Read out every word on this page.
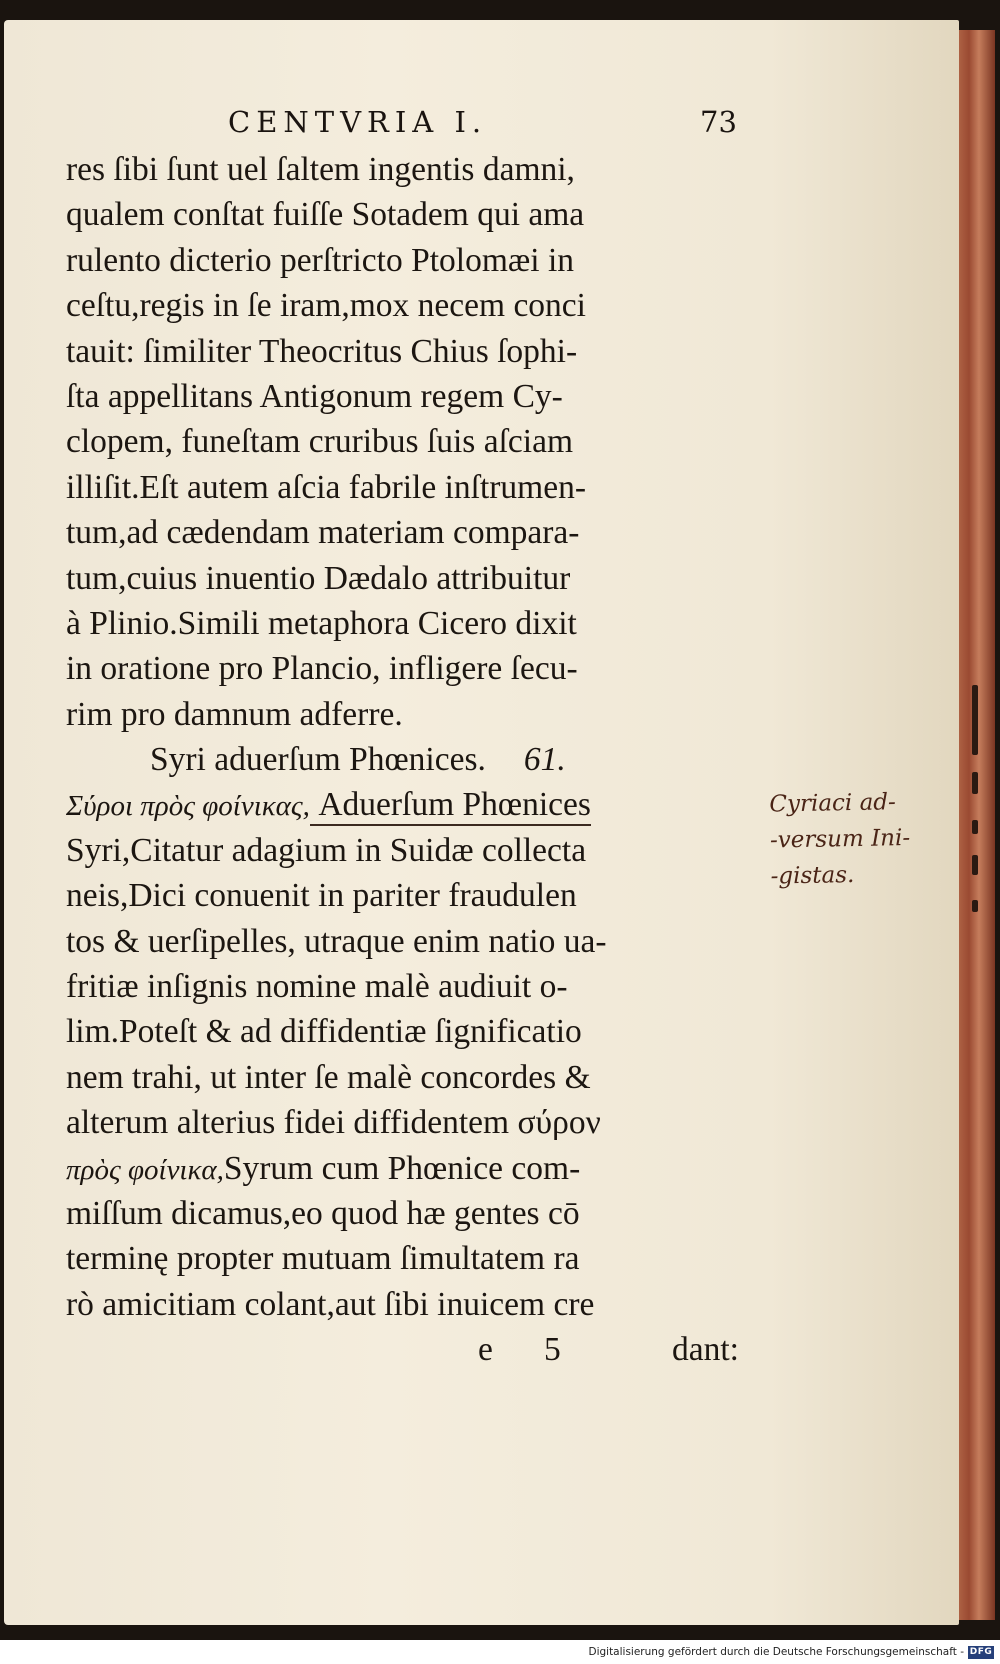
CENTVRIA I.	73
res ſibi ſunt uel ſaltem ingentis damni,
qualem conſtat fuiſſe Sotadem qui ama
rulento dicterio perſtricto Ptolomæi in
ceſtu,regis in ſe iram,mox necem conci
tauit: ſimiliter Theocritus Chius ſophi-
ſta appellitans Antigonum regem Cy-
clopem, funeſtam cruribus ſuis aſciam
illiſit.Eſt autem aſcia fabrile inſtrumen-
tum,ad cædendam materiam compara-
tum,cuius inuentio Dædalo attribuitur
à Plinio.Simili metaphora Cicero dixit
in oratione pro Plancio, infligere ſecu-
rim pro damnum adferre.
Syri aduerſum Phœnices. 61.
Σύροι πρὸς φοίνικας, Aduerſum Phœnices
Syri,Citatur adagium in Suidæ collecta
neis,Dici conuenit in pariter fraudulen
tos & uerſipelles, utraque enim natio ua-
fritiæ inſignis nomine malè audiuit o-
lim.Poteſt & ad diffidentiæ ſignificatio
nem trahi, ut inter ſe malè concordes &
alterum alterius fidei diffidentem σύρον
πρὸς φοίνικα,Syrum cum Phœnice com-
miſſum dicamus,eo quod hæ gentes cō
terminę propter mutuam ſimultatem ra
rò amicitiam colant,aut ſibi inuicem cre
e 5	dant:
Cyriaci ad-
-versum Ini-
-gistas.
Digitalisierung gefördert durch die Deutsche Forschungsgemeinschaft - DFG
